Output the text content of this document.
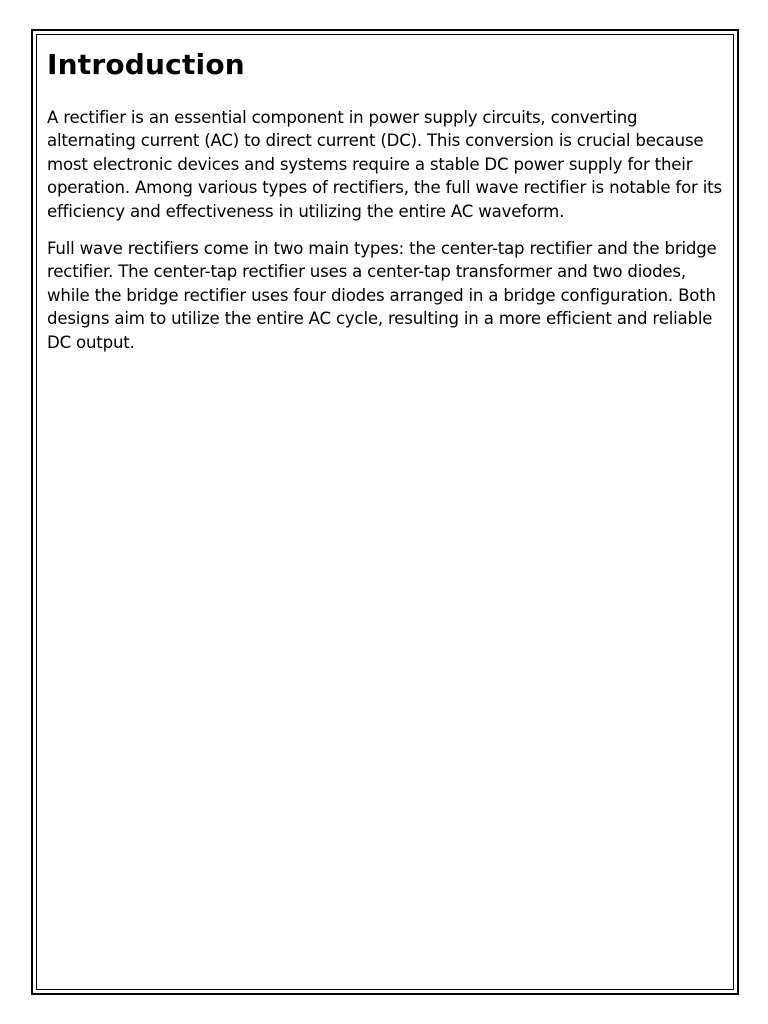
Introduction

A rectifier is an essential component in power supply circuits, converting alternating current (AC) to direct current (DC). This conversion is crucial because most electronic devices and systems require a stable DC power supply for their operation. Among various types of rectifiers, the full wave rectifier is notable for its efficiency and effectiveness in utilizing the entire AC waveform.

Full wave rectifiers come in two main types: the center-tap rectifier and the bridge rectifier. The center-tap rectifier uses a center-tap transformer and two diodes, while the bridge rectifier uses four diodes arranged in a bridge configuration. Both designs aim to utilize the entire AC cycle, resulting in a more efficient and reliable DC output.
